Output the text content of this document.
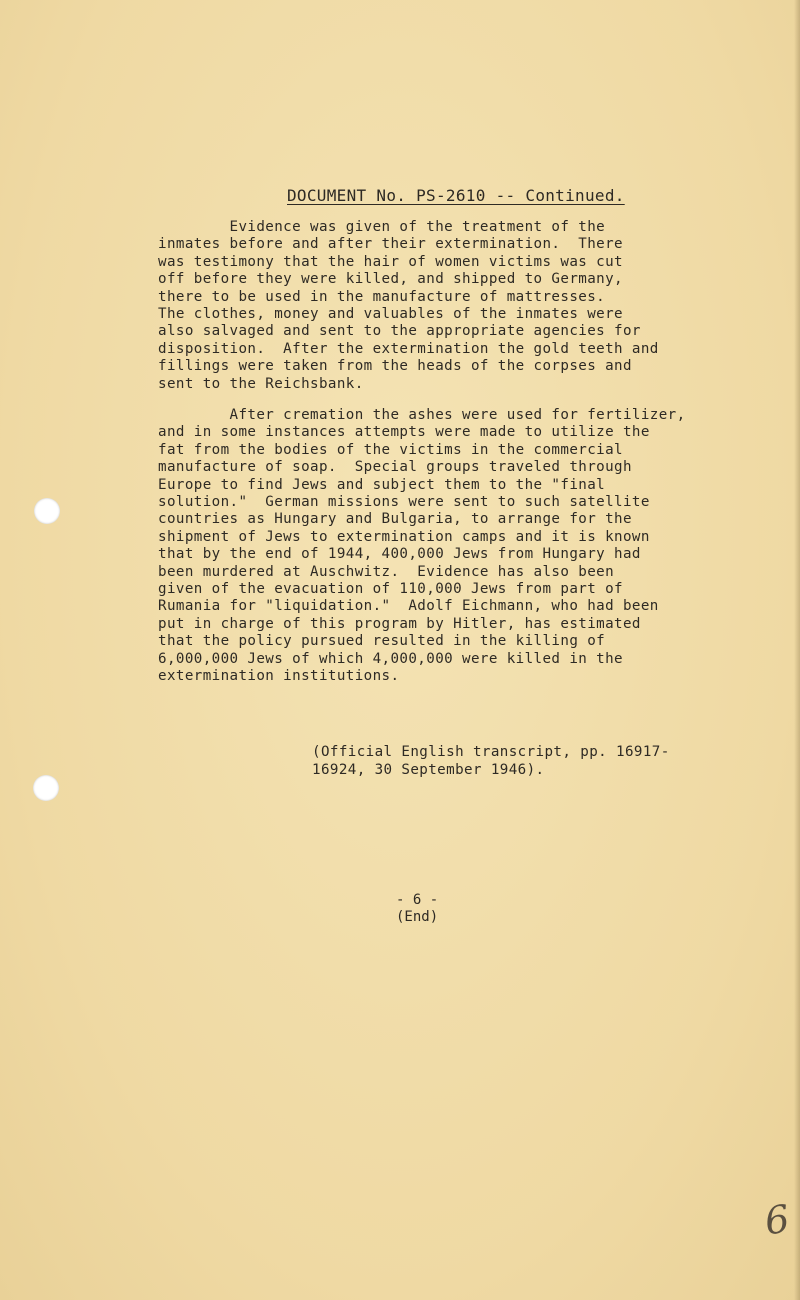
DOCUMENT No. PS-2610 -- Continued.
Evidence was given of the treatment of the
inmates before and after their extermination.  There
was testimony that the hair of women victims was cut
off before they were killed, and shipped to Germany,
there to be used in the manufacture of mattresses.
The clothes, money and valuables of the inmates were
also salvaged and sent to the appropriate agencies for
disposition.  After the extermination the gold teeth and
fillings were taken from the heads of the corpses and
sent to the Reichsbank.
After cremation the ashes were used for fertilizer,
and in some instances attempts were made to utilize the
fat from the bodies of the victims in the commercial
manufacture of soap.  Special groups traveled through
Europe to find Jews and subject them to the "final
solution."  German missions were sent to such satellite
countries as Hungary and Bulgaria, to arrange for the
shipment of Jews to extermination camps and it is known
that by the end of 1944, 400,000 Jews from Hungary had
been murdered at Auschwitz.  Evidence has also been
given of the evacuation of 110,000 Jews from part of
Rumania for "liquidation."  Adolf Eichmann, who had been
put in charge of this program by Hitler, has estimated
that the policy pursued resulted in the killing of
6,000,000 Jews of which 4,000,000 were killed in the
extermination institutions.
(Official English transcript, pp. 16917-
16924, 30 September 1946).
- 6 -
(End)
6
